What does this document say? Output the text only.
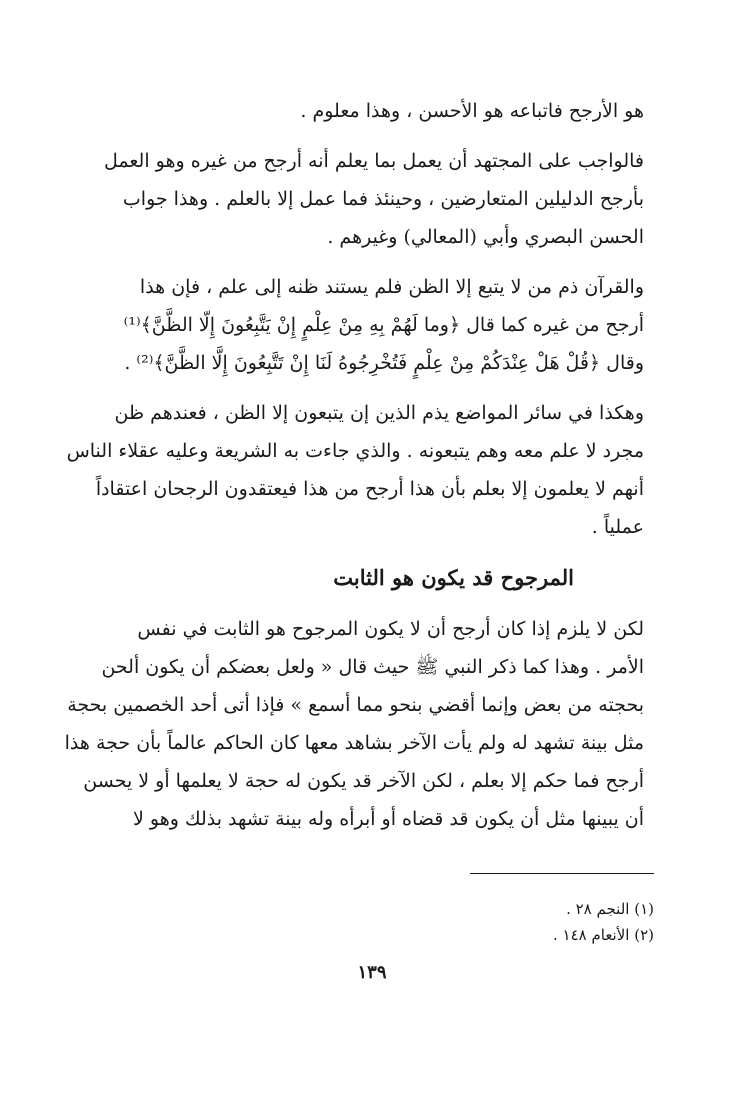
هو الأرجح فاتباعه هو الأحسن ، وهذا معلوم .

فالواجب على المجتهد أن يعمل بما يعلم أنه أرجح من غيره وهو العمل
بأرجح الدليلين المتعارضين ، وحينئذ فما عمل إلا بالعلم . وهذا جواب
الحسن البصري وأبي (المعالي) وغيرهم .

والقرآن ذم من لا يتبع إلا الظن فلم يستند ظنه إلى علم ، فإن هذا
أرجح من غيره كما قال ﴿وما لَهُمْ بِهِ مِنْ عِلْمٍ إِنْ يَتَّبِعُونَ إِلّا الظَّنَّ﴾⁽¹⁾
وقال ﴿قُلْ هَلْ عِنْدَكُمْ مِنْ عِلْمٍ فَتُخْرِجُوهُ لَنَا إِنْ تَتَّبِعُونَ إِلَّا الظَّنَّ﴾⁽²⁾ .

وهكذا في سائر المواضع يذم الذين إن يتبعون إلا الظن ، فعندهم ظن
مجرد لا علم معه وهم يتبعونه . والذي جاءت به الشريعة وعليه عقلاء الناس
أنهم لا يعلمون إلا بعلم بأن هذا أرجح من هذا فيعتقدون الرجحان اعتقاداً
عملياً .

المرجوح قد يكون هو الثابت

لكن لا يلزم إذا كان أرجح أن لا يكون المرجوح هو الثابت في نفس
الأمر . وهذا كما ذكر النبي ﷺ حيث قال « ولعل بعضكم أن يكون ألحن
بحجته من بعض وإنما أقضي بنحو مما أسمع » فإذا أتى أحد الخصمين بحجة
مثل بينة تشهد له ولم يأت الآخر بشاهد معها كان الحاكم عالماً بأن حجة هذا
أرجح فما حكم إلا بعلم ، لكن الآخر قد يكون له حجة لا يعلمها أو لا يحسن
أن يبينها مثل أن يكون قد قضاه أو أبرأه وله بينة تشهد بذلك وهو لا

(١) النجم ٢٨ .
(٢) الأنعام ١٤٨ .
١٣٩
